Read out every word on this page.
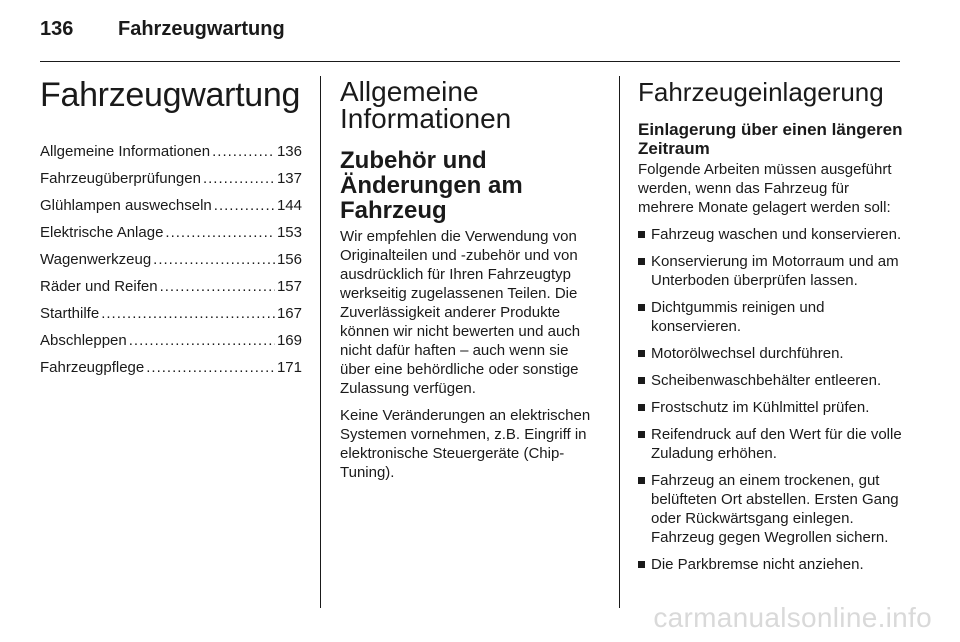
136 Fahrzeugwartung
Fahrzeugwartung
Allgemeine Informationen .....	136
Fahrzeugüberprüfungen .....	137
Glühlampen auswechseln .....	144
Elektrische Anlage .....	153
Wagenwerkzeug .....	156
Räder und Reifen .....	157
Starthilfe .....	167
Abschleppen .....	169
Fahrzeugpflege .....	171
Allgemeine Informationen
Zubehör und Änderungen am Fahrzeug

Wir empfehlen die Verwendung von Originalteilen und -zubehör und von ausdrücklich für Ihren Fahrzeugtyp werkseitig zugelassenen Teilen. Die Zuverlässigkeit anderer Produkte können wir nicht bewerten und auch nicht dafür haften – auch wenn sie über eine behördliche oder sonstige Zulassung verfügen.

Keine Veränderungen an elektrischen Systemen vornehmen, z.B. Eingriff in elektronische Steuergeräte (Chip-Tuning).

Fahrzeugeinlagerung
Einlagerung über einen längeren Zeitraum

Folgende Arbeiten müssen ausgeführt werden, wenn das Fahrzeug für mehrere Monate gelagert werden soll:

Fahrzeug waschen und konservieren.
Konservierung im Motorraum und am Unterboden überprüfen lassen.
Dichtgummis reinigen und konservieren.
Motorölwechsel durchführen.
Scheibenwaschbehälter entleeren.
Frostschutz im Kühlmittel prüfen.
Reifendruck auf den Wert für die volle Zuladung erhöhen.
Fahrzeug an einem trockenen, gut belüfteten Ort abstellen. Ersten Gang oder Rückwärtsgang einlegen. Fahrzeug gegen Wegrollen sichern.
Die Parkbremse nicht anziehen.
carmanualsonline.info
